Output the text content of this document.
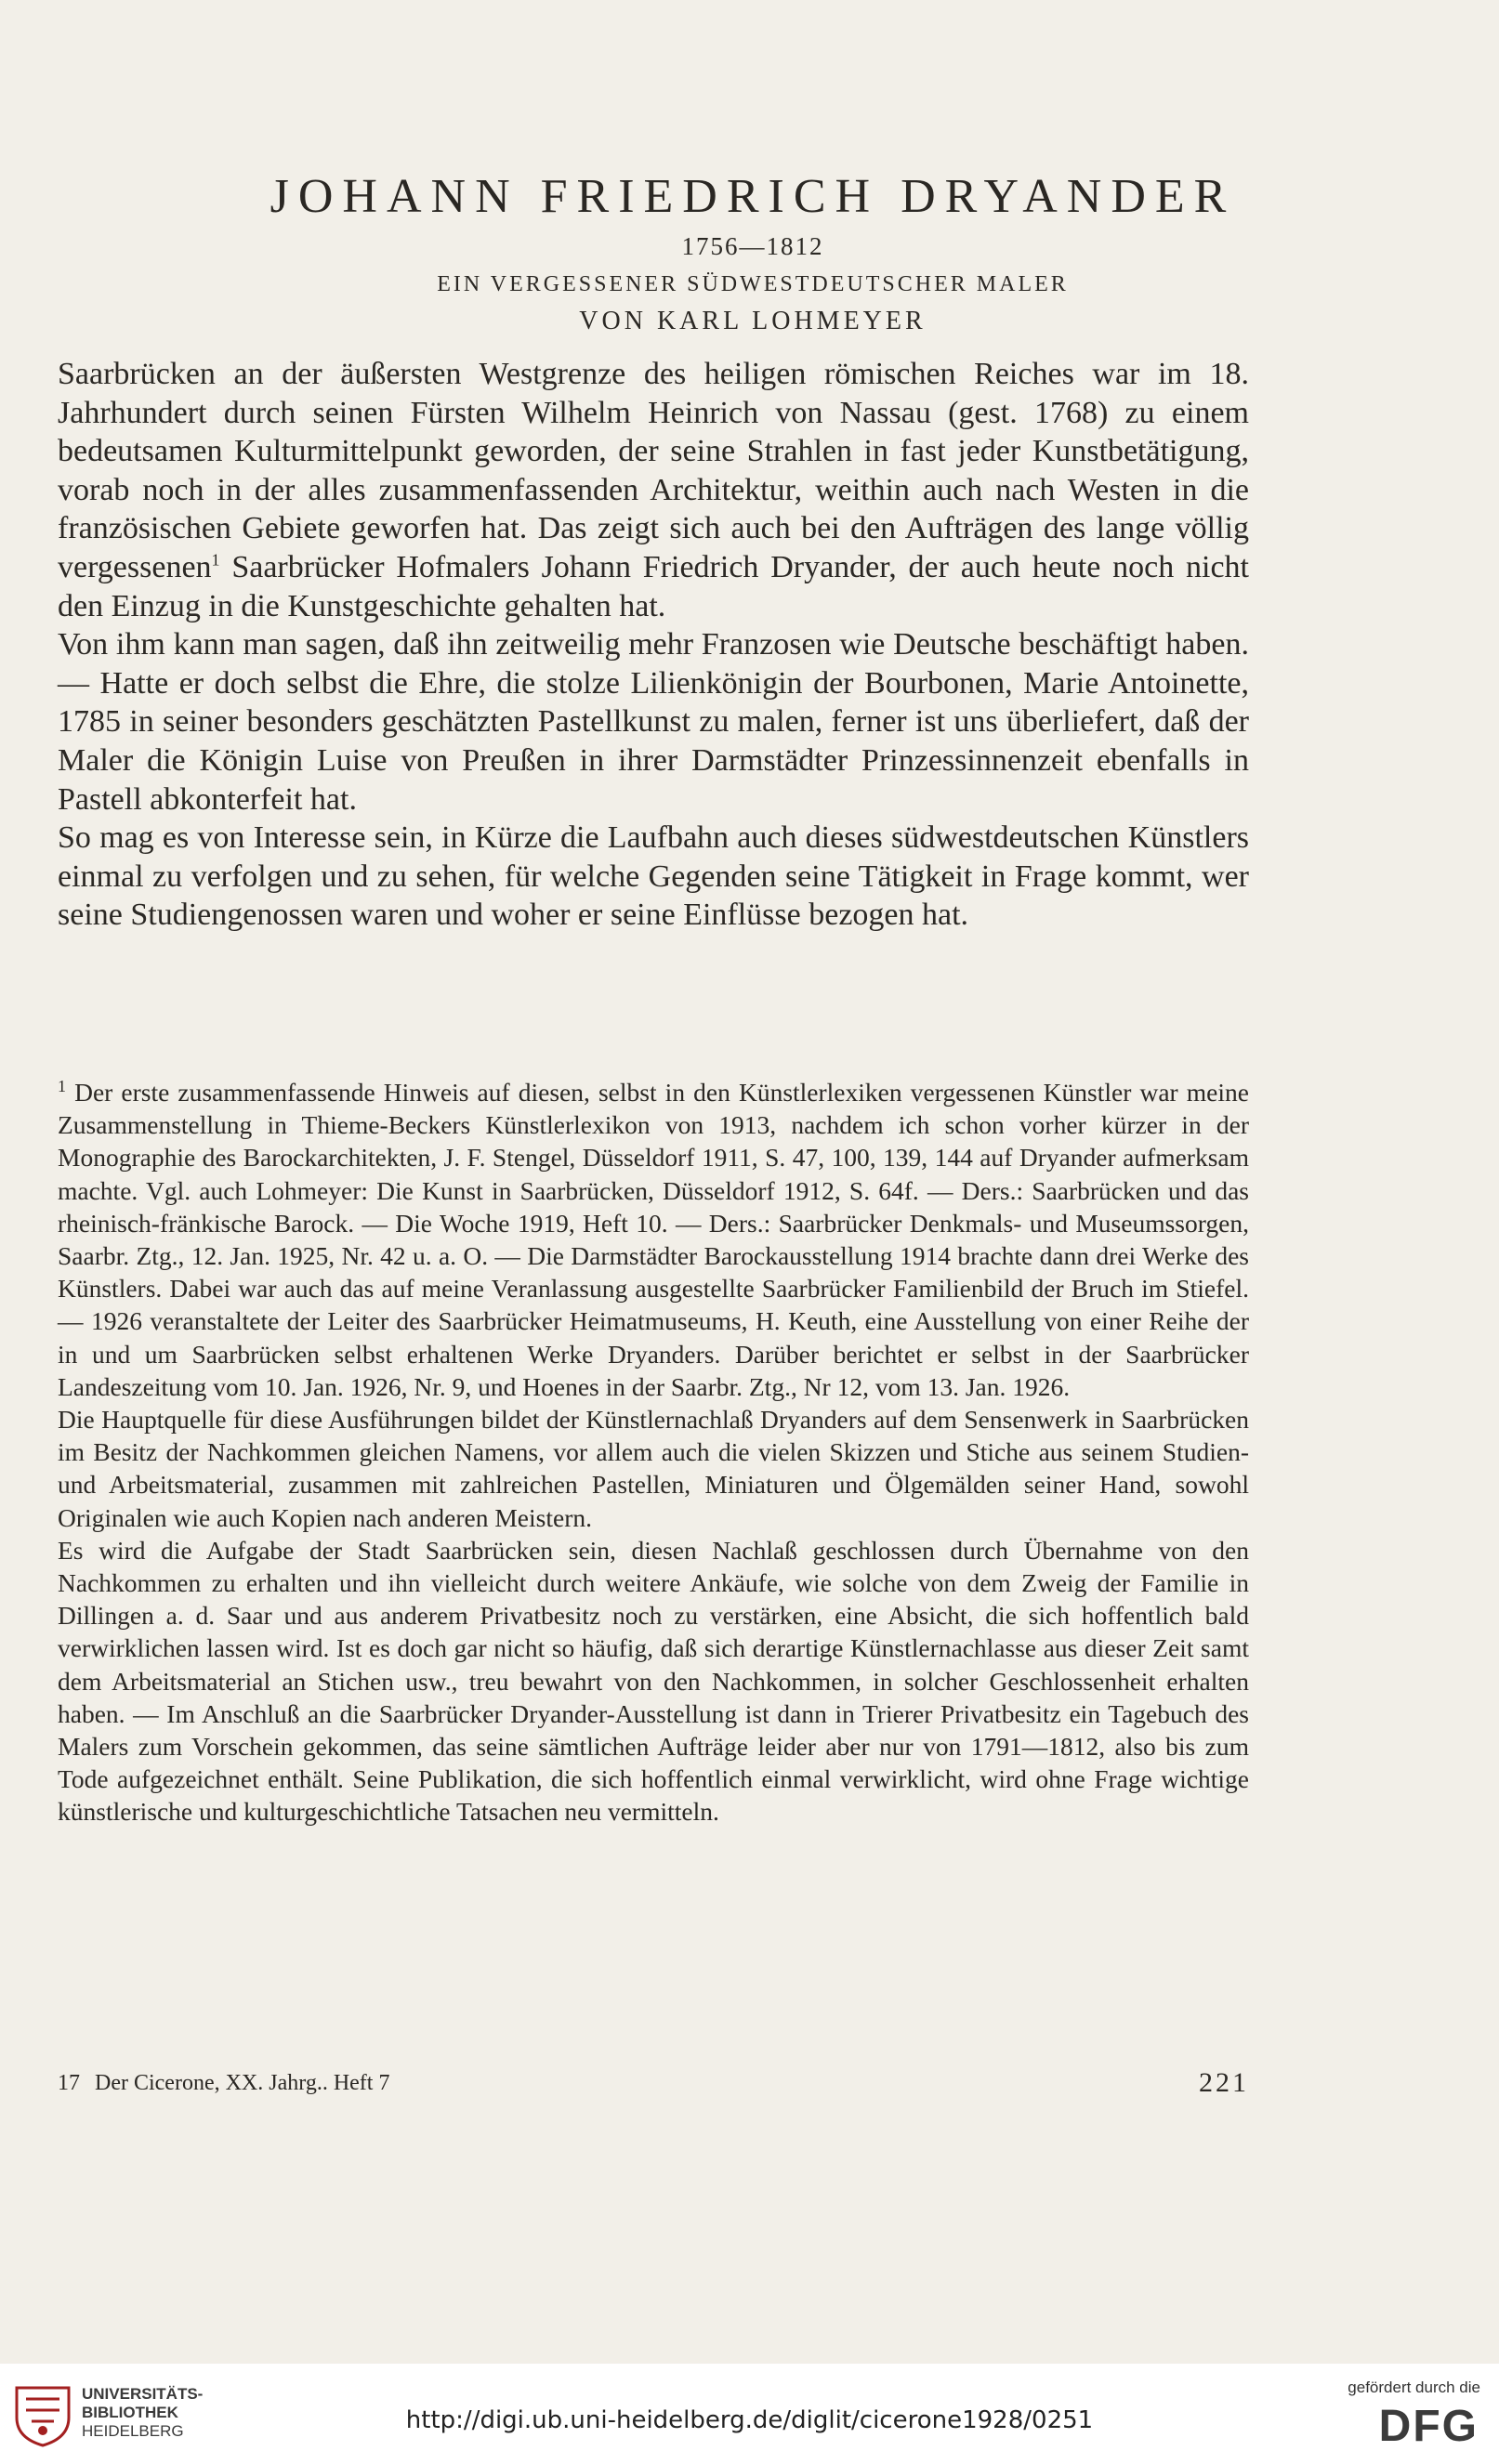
JOHANN FRIEDRICH DRYANDER
1756—1812
EIN VERGESSENER SÜDWESTDEUTSCHER MALER
VON KARL LOHMEYER

Saarbrücken an der äußersten Westgrenze des heiligen römischen Reiches war im 18. Jahrhundert durch seinen Fürsten Wilhelm Heinrich von Nassau (gest. 1768) zu einem bedeutsamen Kulturmittelpunkt geworden, der seine Strahlen in fast jeder Kunstbetätigung, vorab noch in der alles zusammenfassenden Architektur, weithin auch nach Westen in die französischen Gebiete geworfen hat. Das zeigt sich auch bei den Aufträgen des lange völlig vergessenen$^1$ Saarbrücker Hofmalers Johann Friedrich Dryander, der auch heute noch nicht den Einzug in die Kunstgeschichte gehalten hat.

Von ihm kann man sagen, daß ihn zeitweilig mehr Franzosen wie Deutsche beschäftigt haben. — Hatte er doch selbst die Ehre, die stolze Lilienkönigin der Bourbonen, Marie Antoinette, 1785 in seiner besonders geschätzten Pastellkunst zu malen, ferner ist uns überliefert, daß der Maler die Königin Luise von Preußen in ihrer Darmstädter Prinzessinnenzeit ebenfalls in Pastell abkonterfeit hat.

So mag es von Interesse sein, in Kürze die Laufbahn auch dieses südwestdeutschen Künstlers einmal zu verfolgen und zu sehen, für welche Gegenden seine Tätigkeit in Frage kommt, wer seine Studiengenossen waren und woher er seine Einflüsse bezogen hat.

$^1$ Der erste zusammenfassende Hinweis auf diesen, selbst in den Künstlerlexiken vergessenen Künstler war meine Zusammenstellung in Thieme-Beckers Künstlerlexikon von 1913, nachdem ich schon vorher kürzer in der Monographie des Barockarchitekten, J. F. Stengel, Düsseldorf 1911, S. 47, 100, 139, 144 auf Dryander aufmerksam machte. Vgl. auch Lohmeyer: Die Kunst in Saarbrücken, Düsseldorf 1912, S. 64f. — Ders.: Saarbrücken und das rheinisch-fränkische Barock. — Die Woche 1919, Heft 10. — Ders.: Saarbrücker Denkmals- und Museumssorgen, Saarbr. Ztg., 12. Jan. 1925, Nr. 42 u. a. O. — Die Darmstädter Barockausstellung 1914 brachte dann drei Werke des Künstlers. Dabei war auch das auf meine Veranlassung ausgestellte Saarbrücker Familienbild der Bruch im Stiefel. — 1926 veranstaltete der Leiter des Saarbrücker Heimatmuseums, H. Keuth, eine Ausstellung von einer Reihe der in und um Saarbrücken selbst erhaltenen Werke Dryanders. Darüber berichtet er selbst in der Saarbrücker Landeszeitung vom 10. Jan. 1926, Nr. 9, und Hoenes in der Saarbr. Ztg., Nr 12, vom 13. Jan. 1926.

Die Hauptquelle für diese Ausführungen bildet der Künstlernachlaß Dryanders auf dem Sensenwerk in Saarbrücken im Besitz der Nachkommen gleichen Namens, vor allem auch die vielen Skizzen und Stiche aus seinem Studien- und Arbeitsmaterial, zusammen mit zahlreichen Pastellen, Miniaturen und Ölgemälden seiner Hand, sowohl Originalen wie auch Kopien nach anderen Meistern.

Es wird die Aufgabe der Stadt Saarbrücken sein, diesen Nachlaß geschlossen durch Übernahme von den Nachkommen zu erhalten und ihn vielleicht durch weitere Ankäufe, wie solche von dem Zweig der Familie in Dillingen a. d. Saar und aus anderem Privatbesitz noch zu verstärken, eine Absicht, die sich hoffentlich bald verwirklichen lassen wird. Ist es doch gar nicht so häufig, daß sich derartige Künstlernachlasse aus dieser Zeit samt dem Arbeitsmaterial an Stichen usw., treu bewahrt von den Nachkommen, in solcher Geschlossenheit erhalten haben. — Im Anschluß an die Saarbrücker Dryander-Ausstellung ist dann in Trierer Privatbesitz ein Tagebuch des Malers zum Vorschein gekommen, das seine sämtlichen Aufträge leider aber nur von 1791—1812, also bis zum Tode aufgezeichnet enthält. Seine Publikation, die sich hoffentlich einmal verwirklicht, wird ohne Frage wichtige künstlerische und kulturgeschichtliche Tatsachen neu vermitteln.

17 Der Cicerone, XX. Jahrg.. Heft 7	221
UNIVERSITÄTS-
BIBLIOTHEK
HEIDELBERG	http://digi.ub.uni-heidelberg.de/diglit/cicerone1928/0251
gefördert durch die
DFG
